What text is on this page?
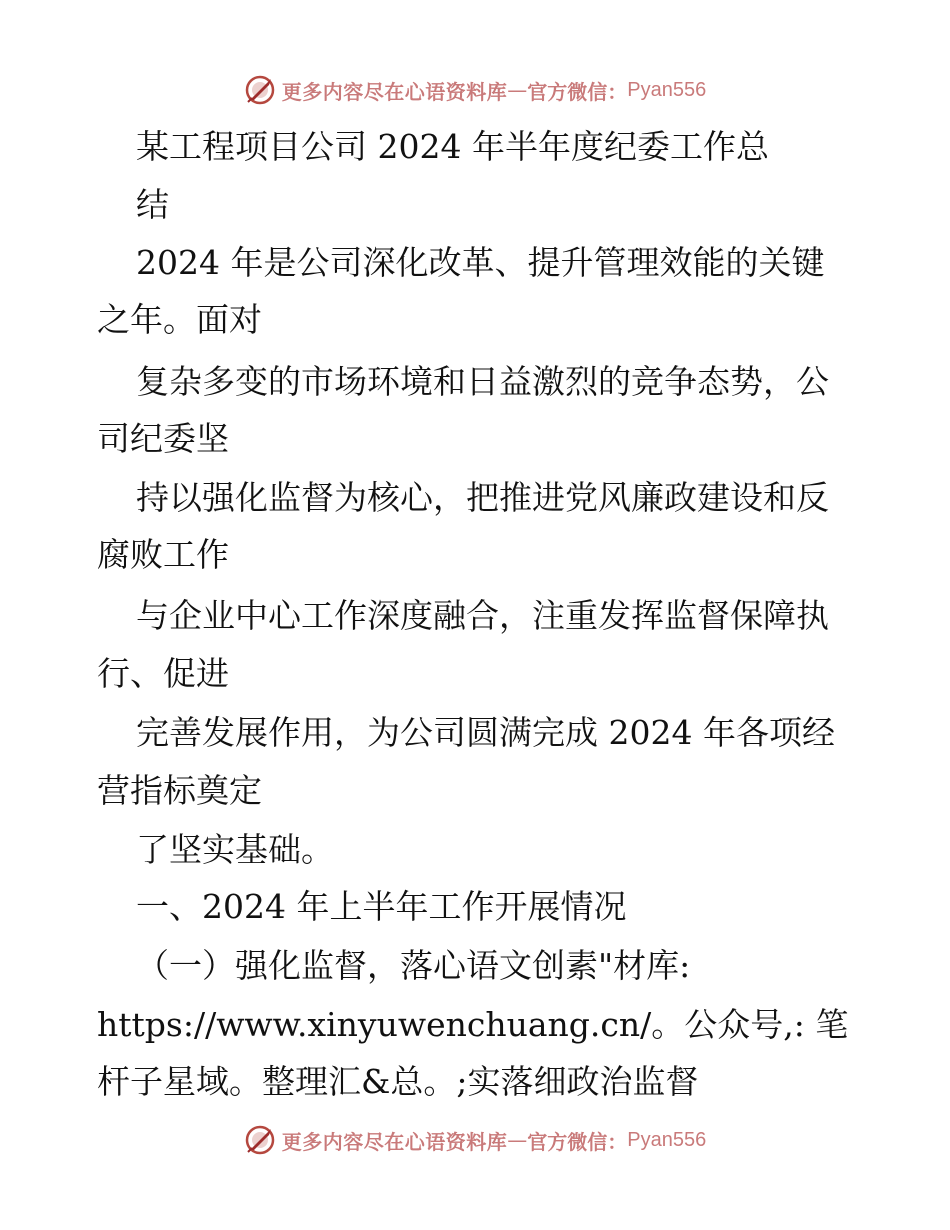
更多内容尽在心语资料库 — 官方微信： Pyan556
某工程项目公司 2024 年半年度纪委工作总
结
2024 年是公司深化改革、提升管理效能的关键
之年。面对
复杂多变的市场环境和日益激烈的竞争态势，公
司纪委坚
持以强化监督为核心，把推进党风廉政建设和反
腐败工作
与企业中心工作深度融合，注重发挥监督保障执
行、促进
完善发展作用，为公司圆满完成 2024 年各项经
营指标奠定
了坚实基础。
一、2024 年上半年工作开展情况
（一）强化监督，落心语文创素"材库:
https://www.xinyuwenchuang.cn/。公众号,: 笔
杆子星域。整理汇&总。;实落细政治监督
更多内容尽在心语资料库 — 官方微信： Pyan556
